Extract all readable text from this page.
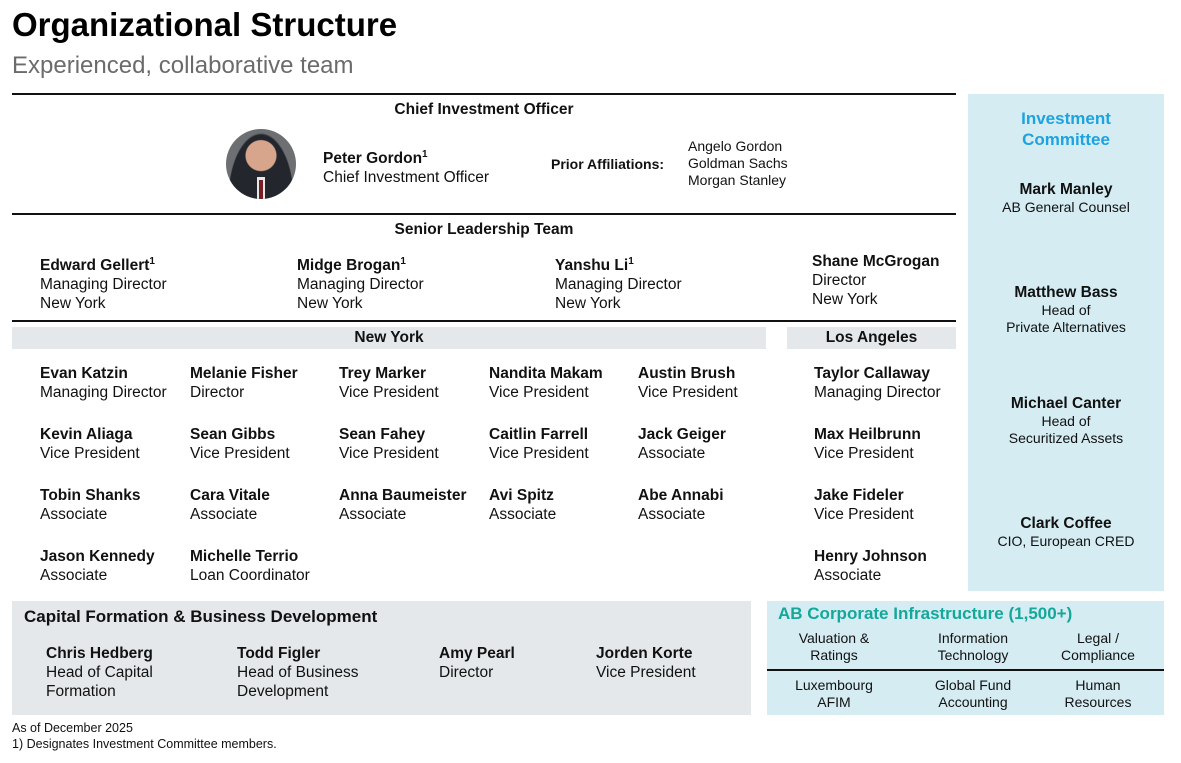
Organizational Structure
Experienced, collaborative team
Chief Investment Officer
Peter Gordon$^1$
Chief Investment Officer
Prior Affiliations:
Angelo Gordon
Goldman Sachs
Morgan Stanley
Senior Leadership Team
Edward Gellert$^1$
Managing Director
New York
Midge Brogan$^1$
Managing Director
New York
Yanshu Li$^1$
Managing Director
New York
Shane McGrogan
Director
New York
New York	Los Angeles
Evan Katzin
Managing Director
Melanie Fisher
Director
Trey Marker
Vice President
Nandita Makam
Vice President
Austin Brush
Vice President
Kevin Aliaga
Vice President
Sean Gibbs
Vice President
Sean Fahey
Vice President
Caitlin Farrell
Vice President
Jack Geiger
Associate
Tobin Shanks
Associate
Cara Vitale
Associate
Anna Baumeister
Associate
Avi Spitz
Associate
Abe Annabi
Associate
Jason Kennedy
Associate
Michelle Terrio
Loan Coordinator
Taylor Callaway
Managing Director
Max Heilbrunn
Vice President
Jake Fideler
Vice President
Henry Johnson
Associate
Investment
Committee
Mark Manley
AB General Counsel
Matthew Bass
Head of
Private Alternatives
Michael Canter
Head of
Securitized Assets
Clark Coffee
CIO, European CRED
Capital Formation & Business Development
Chris Hedberg
Head of Capital
Formation
Todd Figler
Head of Business
Development
Amy Pearl
Director
Jorden Korte
Vice President
AB Corporate Infrastructure (1,500+)
Valuation &
Ratings
Information
Technology
Legal /
Compliance
Luxembourg
AFIM
Global Fund
Accounting
Human
Resources
As of December 2025
1) Designates Investment Committee members.
